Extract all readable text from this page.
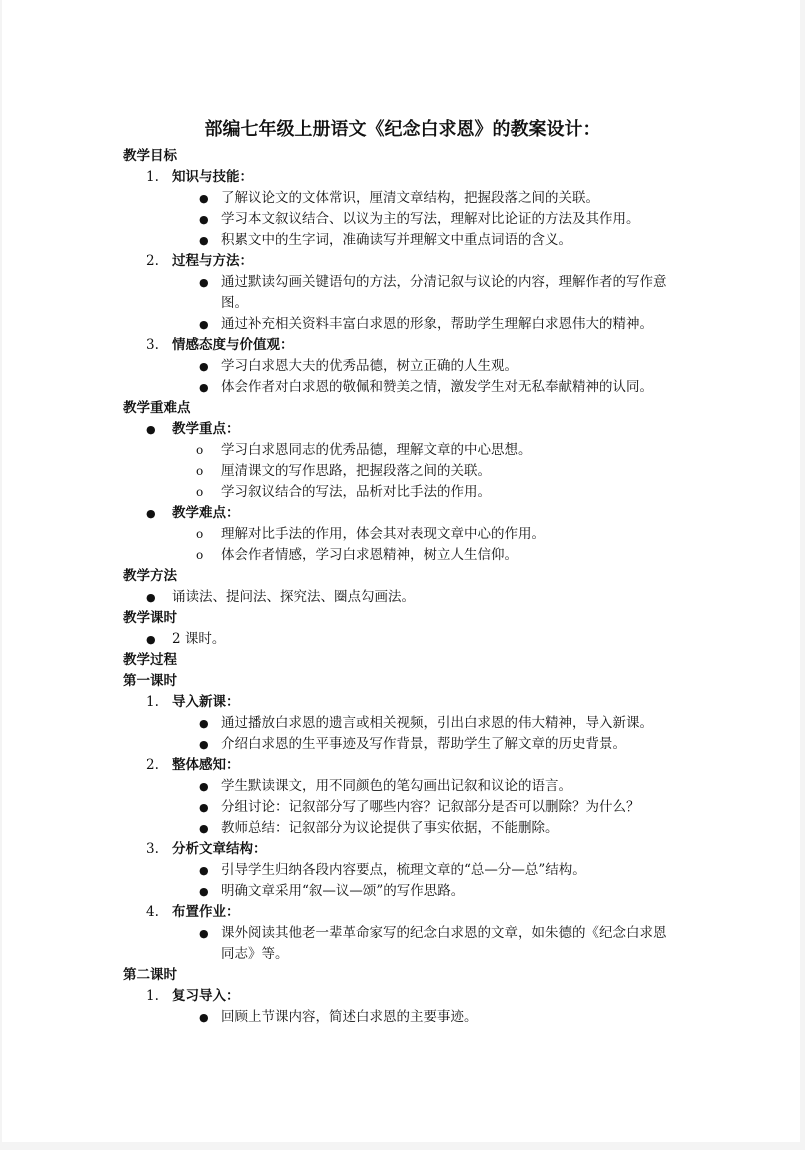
部编七年级上册语文《纪念白求恩》的教案设计：
教学目标
1. 知识与技能：
● 了解议论文的文体常识，厘清文章结构，把握段落之间的关联。
● 学习本文叙议结合、以议为主的写法，理解对比论证的方法及其作用。
● 积累文中的生字词，准确读写并理解文中重点词语的含义。
2. 过程与方法：
● 通过默读勾画关键语句的方法，分清记叙与议论的内容，理解作者的写作意图。
● 通过补充相关资料丰富白求恩的形象，帮助学生理解白求恩伟大的精神。
3. 情感态度与价值观：
● 学习白求恩大夫的优秀品德，树立正确的人生观。
● 体会作者对白求恩的敬佩和赞美之情，激发学生对无私奉献精神的认同。
教学重难点
● 教学重点：
o 学习白求恩同志的优秀品德，理解文章的中心思想。
o 厘清课文的写作思路，把握段落之间的关联。
o 学习叙议结合的写法，品析对比手法的作用。
● 教学难点：
o 理解对比手法的作用，体会其对表现文章中心的作用。
o 体会作者情感，学习白求恩精神，树立人生信仰。
教学方法
● 诵读法、提问法、探究法、圈点勾画法。
教学课时
● 2 课时。
教学过程
第一课时
1. 导入新课：
● 通过播放白求恩的遗言或相关视频，引出白求恩的伟大精神，导入新课。
● 介绍白求恩的生平事迹及写作背景，帮助学生了解文章的历史背景。
2. 整体感知：
● 学生默读课文，用不同颜色的笔勾画出记叙和议论的语言。
● 分组讨论：记叙部分写了哪些内容？记叙部分是否可以删除？为什么？
● 教师总结：记叙部分为议论提供了事实依据，不能删除。
3. 分析文章结构：
● 引导学生归纳各段内容要点，梳理文章的“总—分—总”结构。
● 明确文章采用“叙—议—颂”的写作思路。
4. 布置作业：
● 课外阅读其他老一辈革命家写的纪念白求恩的文章，如朱德的《纪念白求恩同志》等。
第二课时
1. 复习导入：
● 回顾上节课内容，简述白求恩的主要事迹。
